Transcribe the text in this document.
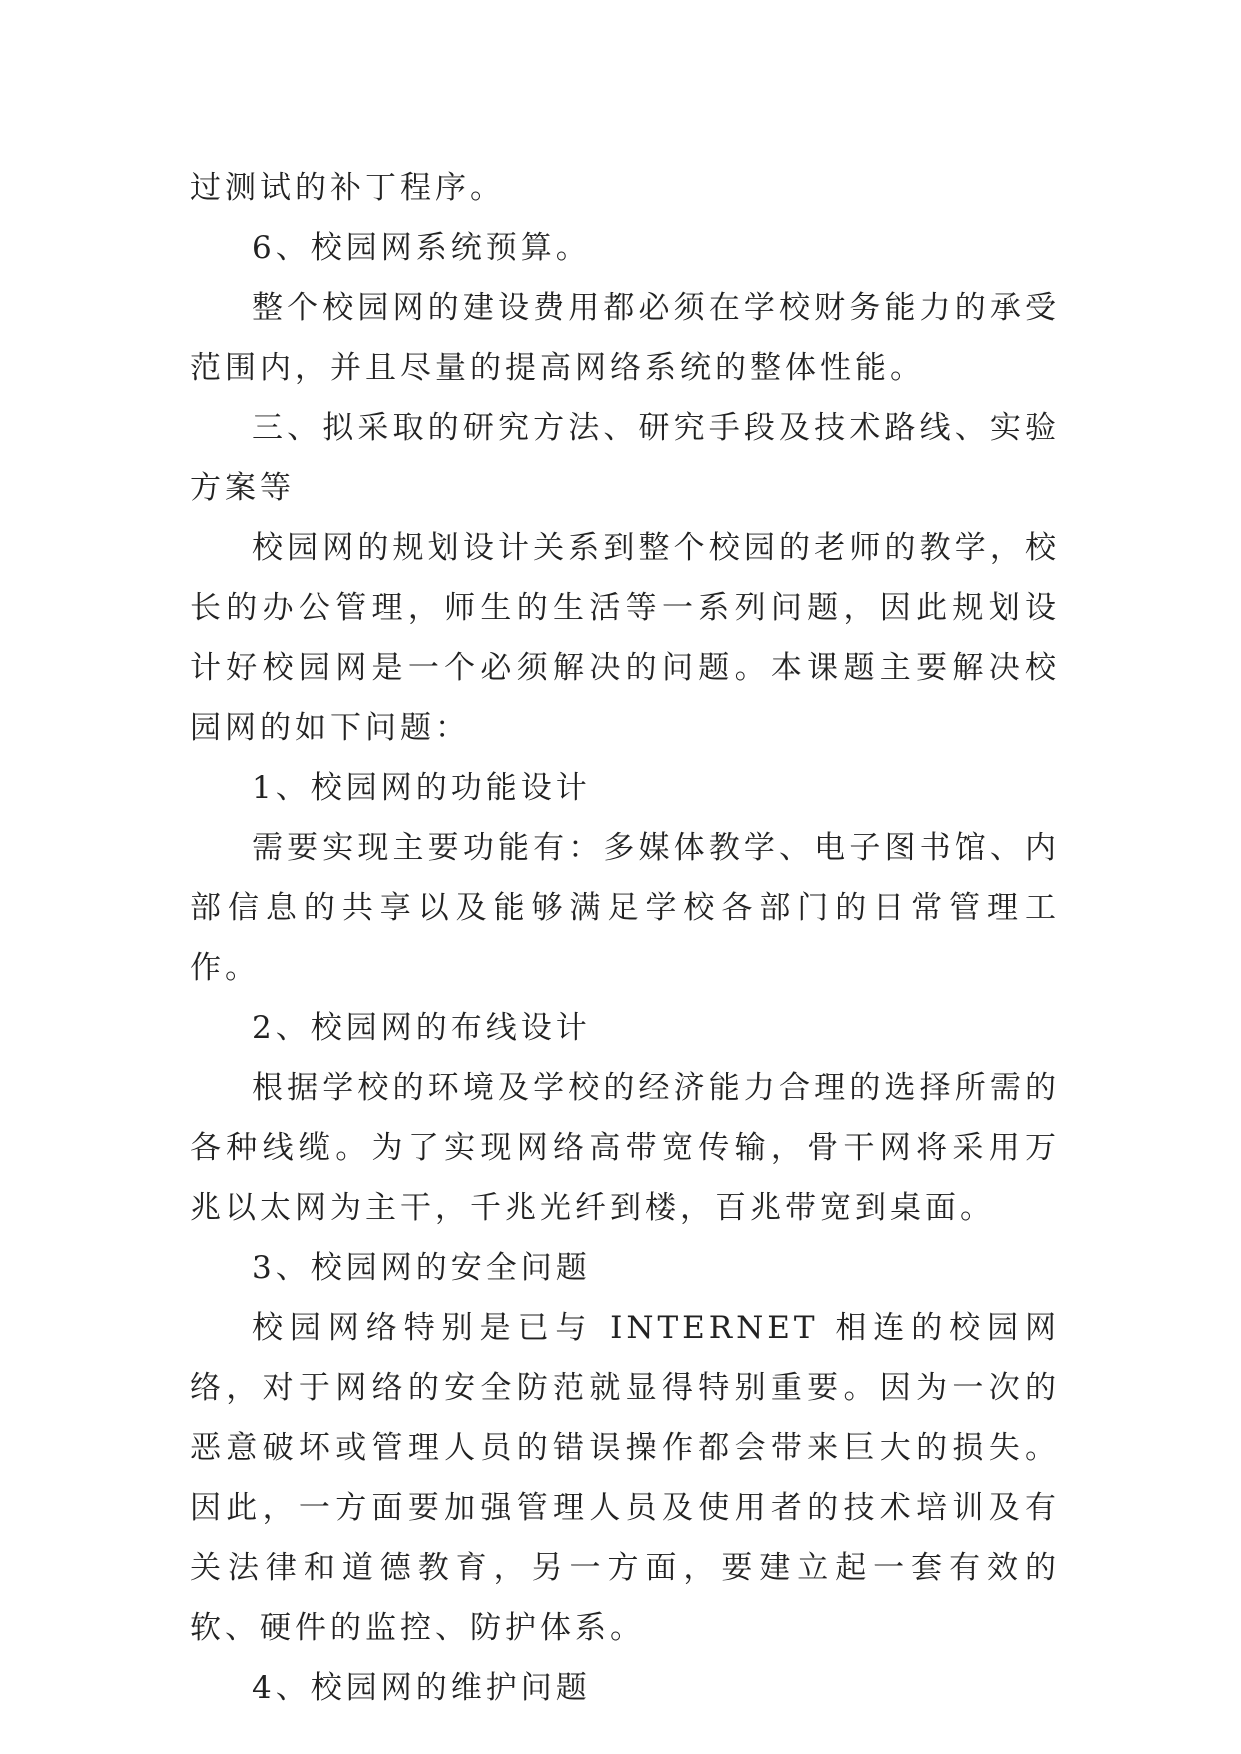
过测试的补丁程序。

6、校园网系统预算。

整个校园网的建设费用都必须在学校财务能力的承受范围内，并且尽量的提高网络系统的整体性能。

三、拟采取的研究方法、研究手段及技术路线、实验方案等

校园网的规划设计关系到整个校园的老师的教学，校长的办公管理，师生的生活等一系列问题，因此规划设计好校园网是一个必须解决的问题。本课题主要解决校园网的如下问题：

1、校园网的功能设计

需要实现主要功能有：多媒体教学、电子图书馆、内部信息的共享以及能够满足学校各部门的日常管理工作。

2、校园网的布线设计

根据学校的环境及学校的经济能力合理的选择所需的各种线缆。为了实现网络高带宽传输，骨干网将采用万兆以太网为主干，千兆光纤到楼，百兆带宽到桌面。

3、校园网的安全问题

校园网络特别是已与 INTERNET 相连的校园网络，对于网络的安全防范就显得特别重要。因为一次的恶意破坏或管理人员的错误操作都会带来巨大的损失。因此，一方面要加强管理人员及使用者的技术培训及有关法律和道德教育，另一方面，要建立起一套有效的软、硬件的监控、防护体系。

4、校园网的维护问题
